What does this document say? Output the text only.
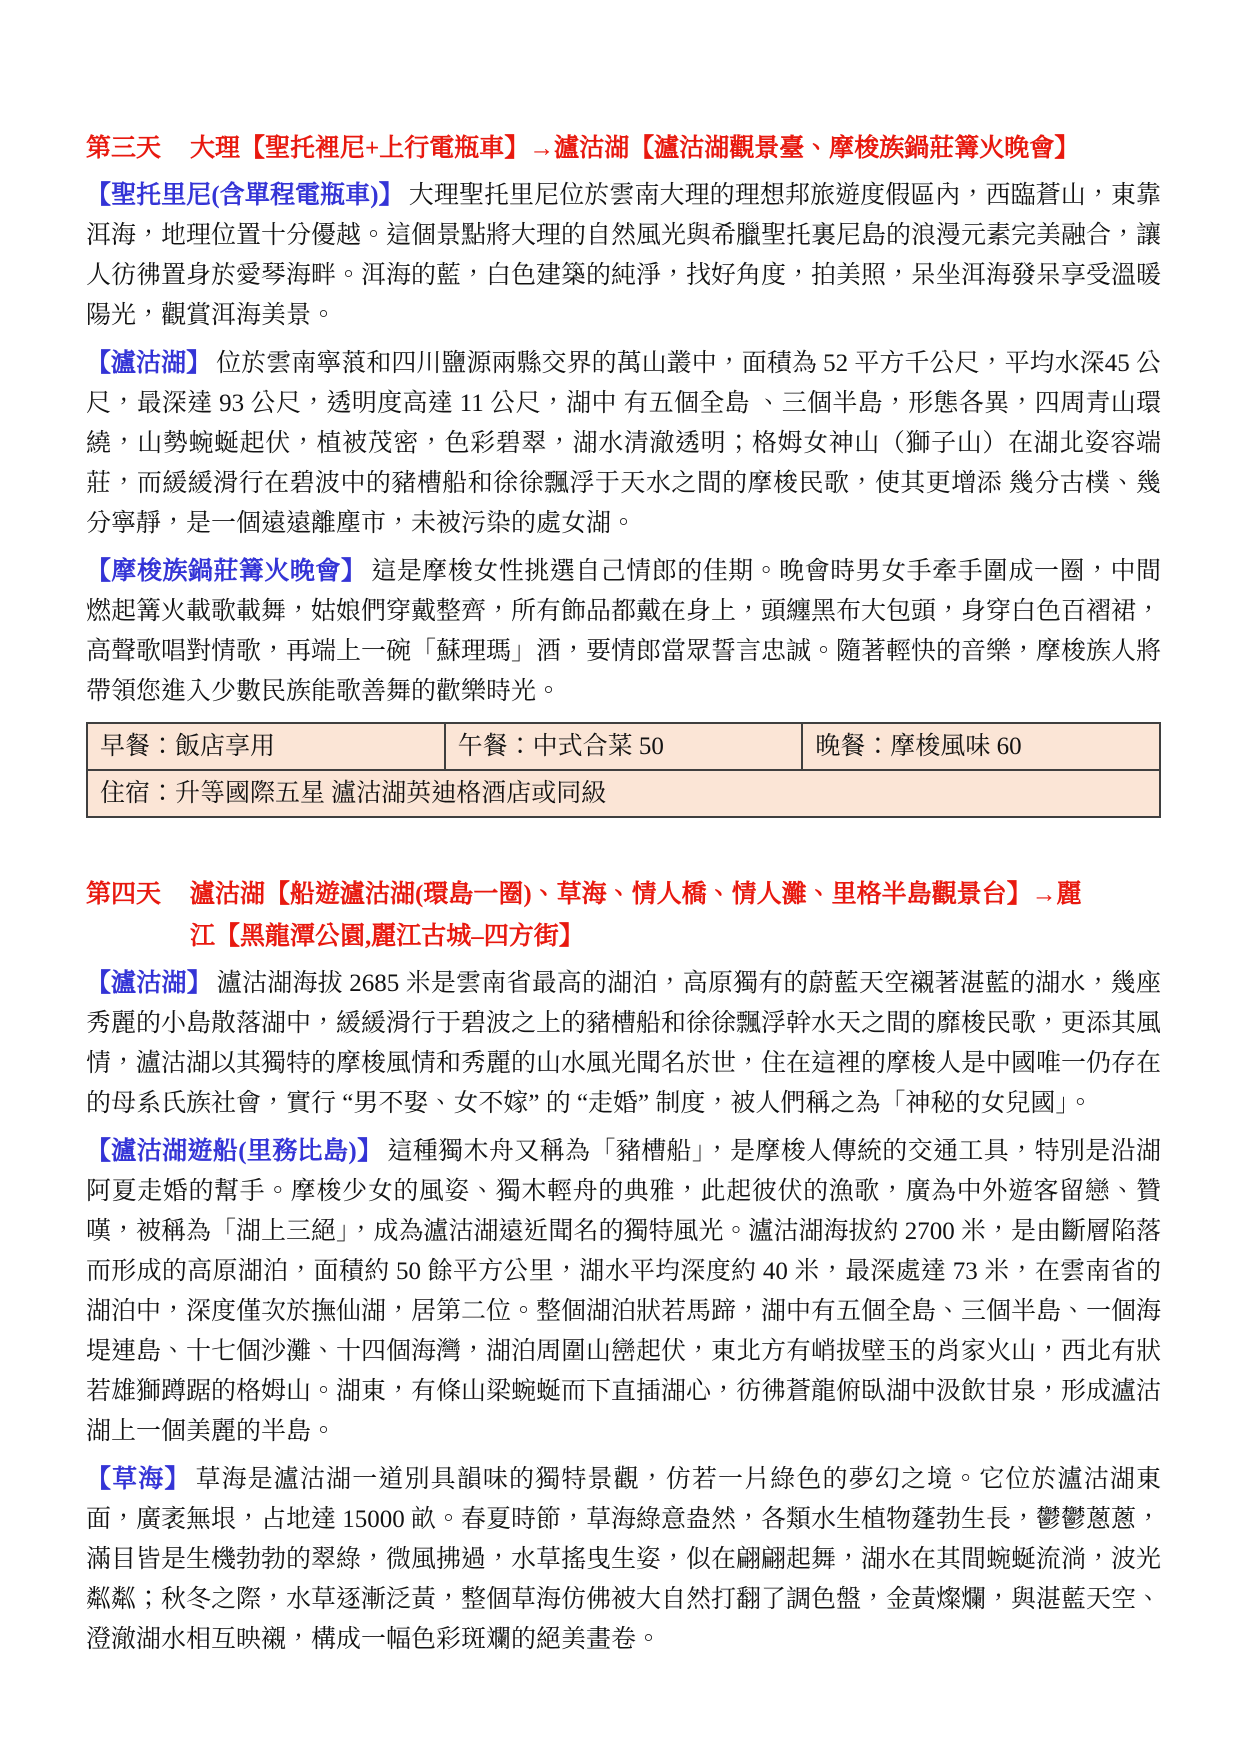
第三天	大理【聖托裡尼+上行電瓶車】→瀘沽湖【瀘沽湖觀景臺、摩梭族鍋莊篝火晚會】

【聖托里尼(含單程電瓶車)】 大理聖托里尼位於雲南大理的理想邦旅遊度假區內，西臨蒼山，東靠洱海，地理位置十分優越。這個景點將大理的自然風光與希臘聖托裏尼島的浪漫元素完美融合，讓人彷彿置身於愛琴海畔。洱海的藍，白色建築的純淨，找好角度，拍美照，呆坐洱海發呆享受溫暖陽光，觀賞洱海美景。

【瀘沽湖】 位於雲南寧蒗和四川鹽源兩縣交界的萬山叢中，面積為 52 平方千公尺，平均水深45 公尺，最深達 93 公尺，透明度高達 11 公尺，湖中 有五個全島 、三個半島，形態各異，四周青山環繞，山勢蜿蜒起伏，植被茂密，色彩碧翠，湖水清澈透明；格姆女神山（獅子山）在湖北姿容端莊，而緩緩滑行在碧波中的豬槽船和徐徐飄浮于天水之間的摩梭民歌，使其更增添 幾分古樸、幾分寧靜，是一個遠遠離塵市，未被污染的處女湖。

【摩梭族鍋莊篝火晚會】 這是摩梭女性挑選自己情郎的佳期。晚會時男女手牽手圍成一圈，中間燃起篝火載歌載舞，姑娘們穿戴整齊，所有飾品都戴在身上，頭纏黑布大包頭，身穿白色百褶裙，高聲歌唱對情歌，再端上一碗「蘇理瑪」酒，要情郎當眾誓言忠誠。隨著輕快的音樂，摩梭族人將帶領您進入少數民族能歌善舞的歡樂時光。

早餐：飯店享用	午餐：中式合菜 50	晚餐：摩梭風味 60
住宿：升等國際五星 瀘沽湖英迪格酒店或同級
第四天	瀘沽湖【船遊瀘沽湖(環島一圈)、草海、情人橋、情人灘、里格半島觀景台】→麗
江【黑龍潭公園,麗江古城–四方街】

【瀘沽湖】 瀘沽湖海拔 2685 米是雲南省最高的湖泊，高原獨有的蔚藍天空襯著湛藍的湖水，幾座秀麗的小島散落湖中，緩緩滑行于碧波之上的豬槽船和徐徐飄浮幹水天之間的靡梭民歌，更添其風情，瀘沽湖以其獨特的摩梭風情和秀麗的山水風光聞名於世，住在這裡的摩梭人是中國唯一仍存在的母系氏族社會，實行 “男不娶、女不嫁” 的 “走婚” 制度，被人們稱之為「神秘的女兒國」。

【瀘沽湖遊船(里務比島)】 這種獨木舟又稱為「豬槽船」，是摩梭人傳統的交通工具，特別是沿湖阿夏走婚的幫手。摩梭少女的風姿、獨木輕舟的典雅，此起彼伏的漁歌，廣為中外遊客留戀、贊嘆，被稱為「湖上三絕」，成為瀘沽湖遠近聞名的獨特風光。瀘沽湖海拔約 2700 米，是由斷層陷落而形成的高原湖泊，面積約 50 餘平方公里，湖水平均深度約 40 米，最深處達 73 米，在雲南省的湖泊中，深度僅次於撫仙湖，居第二位。整個湖泊狀若馬蹄，湖中有五個全島、三個半島、一個海堤連島、十七個沙灘、十四個海灣，湖泊周圍山巒起伏，東北方有峭拔壁玉的肖家火山，西北有狀若雄獅蹲踞的格姆山。湖東，有條山梁蜿蜒而下直插湖心，彷彿蒼龍俯臥湖中汲飲甘泉，形成瀘沽湖上一個美麗的半島。

【草海】 草海是瀘沽湖一道別具韻味的獨特景觀，仿若一片綠色的夢幻之境。它位於瀘沽湖東面，廣袤無垠，占地達 15000 畝。春夏時節，草海綠意盎然，各類水生植物蓬勃生長，鬱鬱蔥蔥，滿目皆是生機勃勃的翠綠，微風拂過，水草搖曳生姿，似在翩翩起舞，湖水在其間蜿蜒流淌，波光粼粼；秋冬之際，水草逐漸泛黃，整個草海仿佛被大自然打翻了調色盤，金黃燦爛，與湛藍天空、澄澈湖水相互映襯，構成一幅色彩斑斕的絕美畫卷。
